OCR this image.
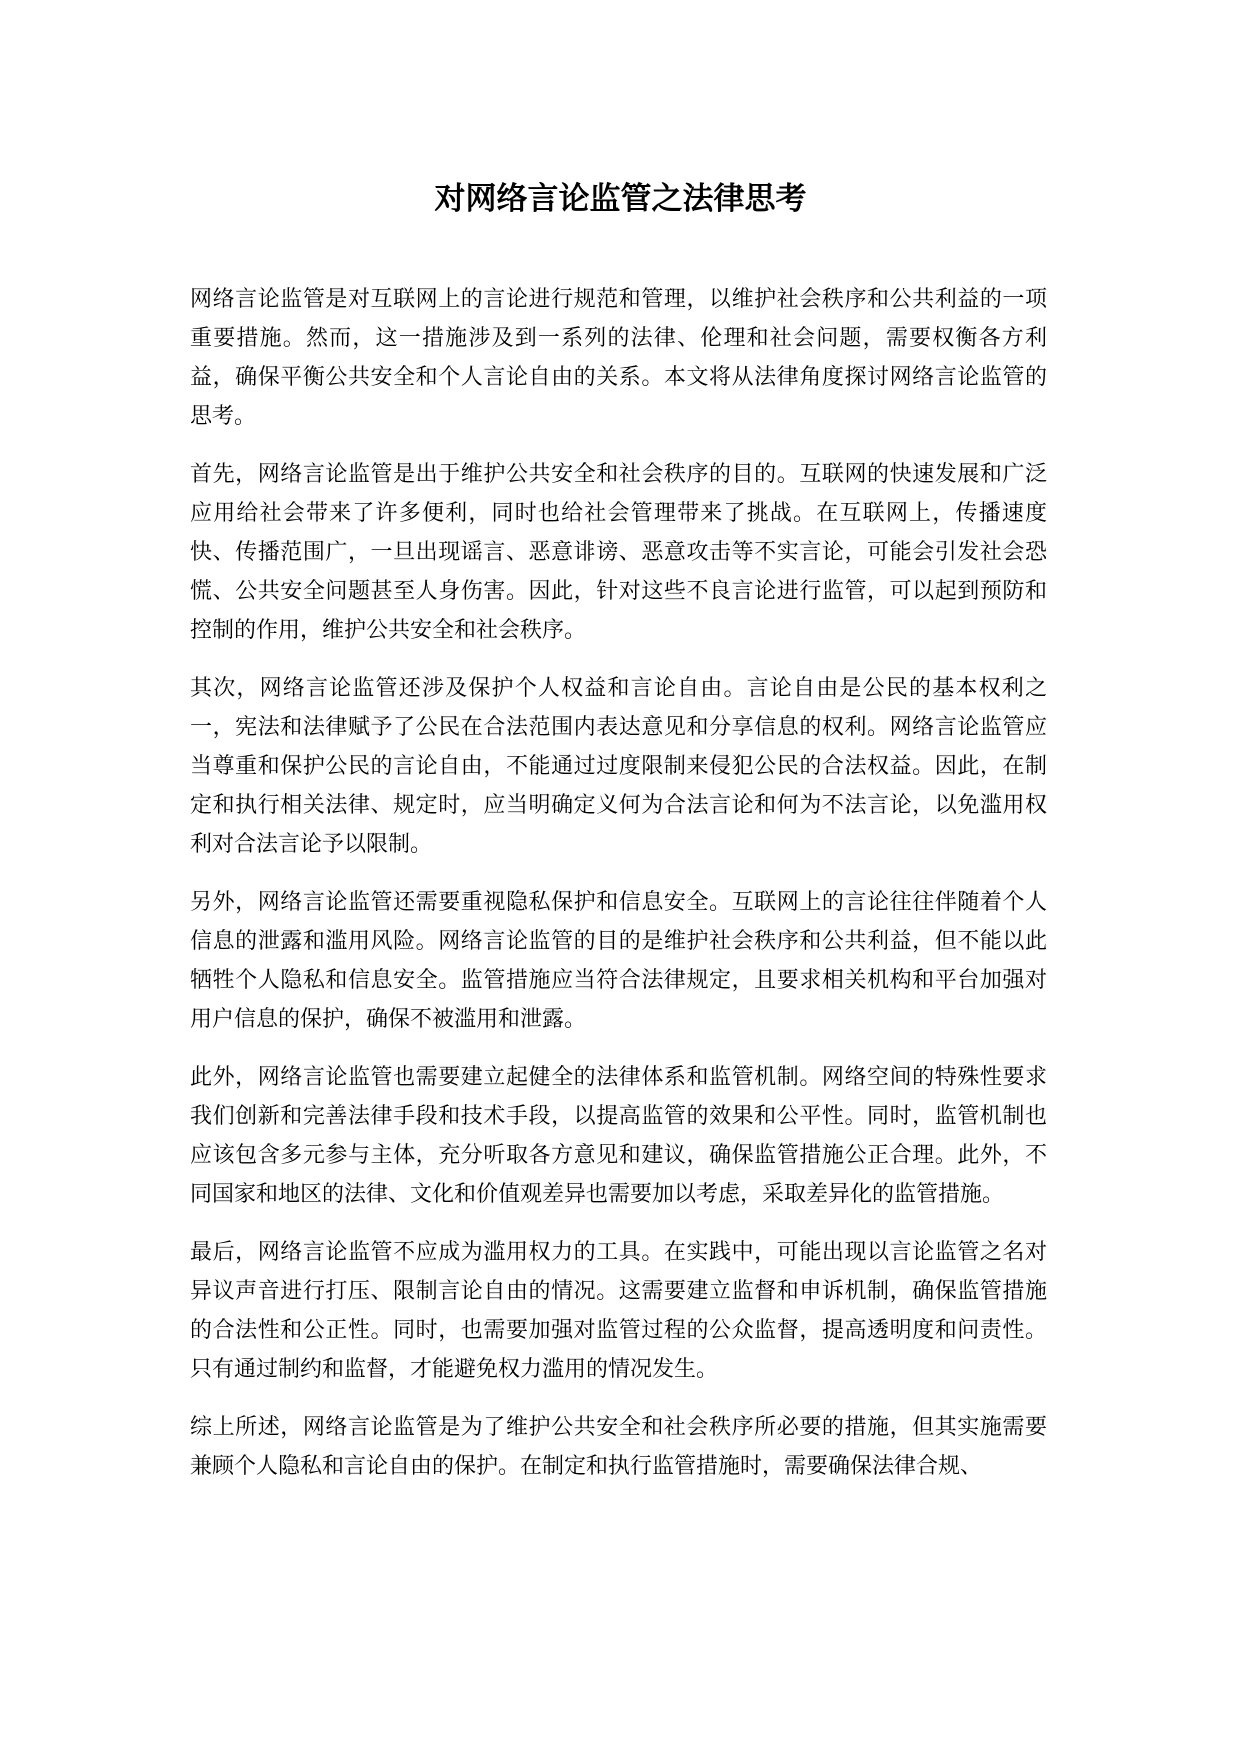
对网络言论监管之法律思考

网络言论监管是对互联网上的言论进行规范和管理，以维护社会秩序和公共利益的一项重要措施。然而，这一措施涉及到一系列的法律、伦理和社会问题，需要权衡各方利益，确保平衡公共安全和个人言论自由的关系。本文将从法律角度探讨网络言论监管的思考。

首先，网络言论监管是出于维护公共安全和社会秩序的目的。互联网的快速发展和广泛应用给社会带来了许多便利，同时也给社会管理带来了挑战。在互联网上，传播速度快、传播范围广，一旦出现谣言、恶意诽谤、恶意攻击等不实言论，可能会引发社会恐慌、公共安全问题甚至人身伤害。因此，针对这些不良言论进行监管，可以起到预防和控制的作用，维护公共安全和社会秩序。

其次，网络言论监管还涉及保护个人权益和言论自由。言论自由是公民的基本权利之一，宪法和法律赋予了公民在合法范围内表达意见和分享信息的权利。网络言论监管应当尊重和保护公民的言论自由，不能通过过度限制来侵犯公民的合法权益。因此，在制定和执行相关法律、规定时，应当明确定义何为合法言论和何为不法言论，以免滥用权利对合法言论予以限制。

另外，网络言论监管还需要重视隐私保护和信息安全。互联网上的言论往往伴随着个人信息的泄露和滥用风险。网络言论监管的目的是维护社会秩序和公共利益，但不能以此牺牲个人隐私和信息安全。监管措施应当符合法律规定，且要求相关机构和平台加强对用户信息的保护，确保不被滥用和泄露。

此外，网络言论监管也需要建立起健全的法律体系和监管机制。网络空间的特殊性要求我们创新和完善法律手段和技术手段，以提高监管的效果和公平性。同时，监管机制也应该包含多元参与主体，充分听取各方意见和建议，确保监管措施公正合理。此外，不同国家和地区的法律、文化和价值观差异也需要加以考虑，采取差异化的监管措施。

最后，网络言论监管不应成为滥用权力的工具。在实践中，可能出现以言论监管之名对异议声音进行打压、限制言论自由的情况。这需要建立监督和申诉机制，确保监管措施的合法性和公正性。同时，也需要加强对监管过程的公众监督，提高透明度和问责性。只有通过制约和监督，才能避免权力滥用的情况发生。

综上所述，网络言论监管是为了维护公共安全和社会秩序所必要的措施，但其实施需要兼顾个人隐私和言论自由的保护。在制定和执行监管措施时，需要确保法律合规、
